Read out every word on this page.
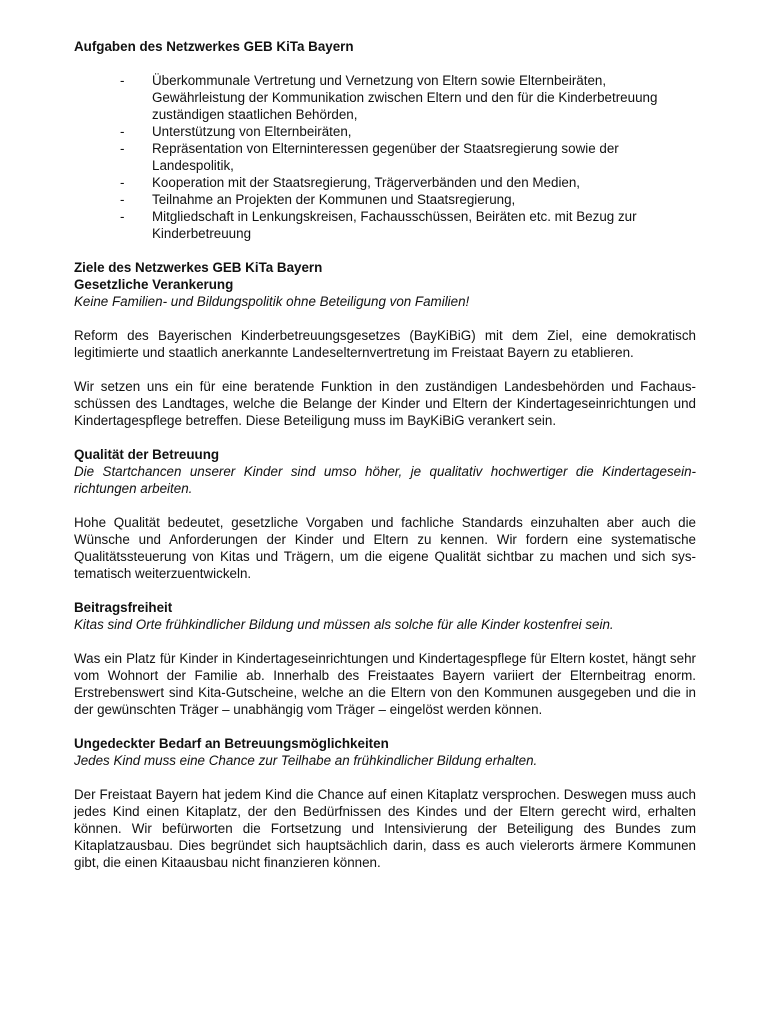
Aufgaben des Netzwerkes GEB KiTa Bayern

- Überkommunale Vertretung und Vernetzung von Eltern sowie Elternbeiräten, Gewährleistung der Kommunikation zwischen Eltern und den für die Kinderbetreuung zuständigen staatlichen Behörden,
- Unterstützung von Elternbeiräten,
- Repräsentation von Elterninteressen gegenüber der Staatsregierung sowie der Landespolitik,
- Kooperation mit der Staatsregierung, Trägerverbänden und den Medien,
- Teilnahme an Projekten der Kommunen und Staatsregierung,
- Mitgliedschaft in Lenkungskreisen, Fachausschüssen, Beiräten etc. mit Bezug zur Kinderbetreuung

Ziele des Netzwerkes GEB KiTa Bayern

Gesetzliche Verankerung

Keine Familien- und Bildungspolitik ohne Beteiligung von Familien!

Reform des Bayerischen Kinderbetreuungsgesetzes (BayKiBiG) mit dem Ziel, eine demokratisch legitimierte und staatlich anerkannte Landeselternvertretung im Freistaat Bayern zu etablieren.

Wir setzen uns ein für eine beratende Funktion in den zuständigen Landesbehörden und Fachausschüssen des Landtages, welche die Belange der Kinder und Eltern der Kindertageseinrichtungen und Kindertagespflege betreffen. Diese Beteiligung muss im BayKiBiG verankert sein.

Qualität der Betreuung

Die Startchancen unserer Kinder sind umso höher, je qualitativ hochwertiger die Kindertageseinrichtungen arbeiten.

Hohe Qualität bedeutet, gesetzliche Vorgaben und fachliche Standards einzuhalten aber auch die Wünsche und Anforderungen der Kinder und Eltern zu kennen. Wir fordern eine systematische Qualitätssteuerung von Kitas und Trägern, um die eigene Qualität sichtbar zu machen und sich systematisch weiterzuentwickeln.

Beitragsfreiheit

Kitas sind Orte frühkindlicher Bildung und müssen als solche für alle Kinder kostenfrei sein.

Was ein Platz für Kinder in Kindertageseinrichtungen und Kindertagespflege für Eltern kostet, hängt sehr vom Wohnort der Familie ab. Innerhalb des Freistaates Bayern variiert der Elternbeitrag enorm. Erstrebenswert sind Kita-Gutscheine, welche an die Eltern von den Kommunen ausgegeben und die in der gewünschten Träger – unabhängig vom Träger – eingelöst werden können.

Ungedeckter Bedarf an Betreuungsmöglichkeiten

Jedes Kind muss eine Chance zur Teilhabe an frühkindlicher Bildung erhalten.

Der Freistaat Bayern hat jedem Kind die Chance auf einen Kitaplatz versprochen. Deswegen muss auch jedes Kind einen Kitaplatz, der den Bedürfnissen des Kindes und der Eltern gerecht wird, erhalten können. Wir befürworten die Fortsetzung und Intensivierung der Beteiligung des Bundes zum Kitaplatzausbau. Dies begründet sich hauptsächlich darin, dass es auch vielerorts ärmere Kommunen gibt, die einen Kitaausbau nicht finanzieren können.
